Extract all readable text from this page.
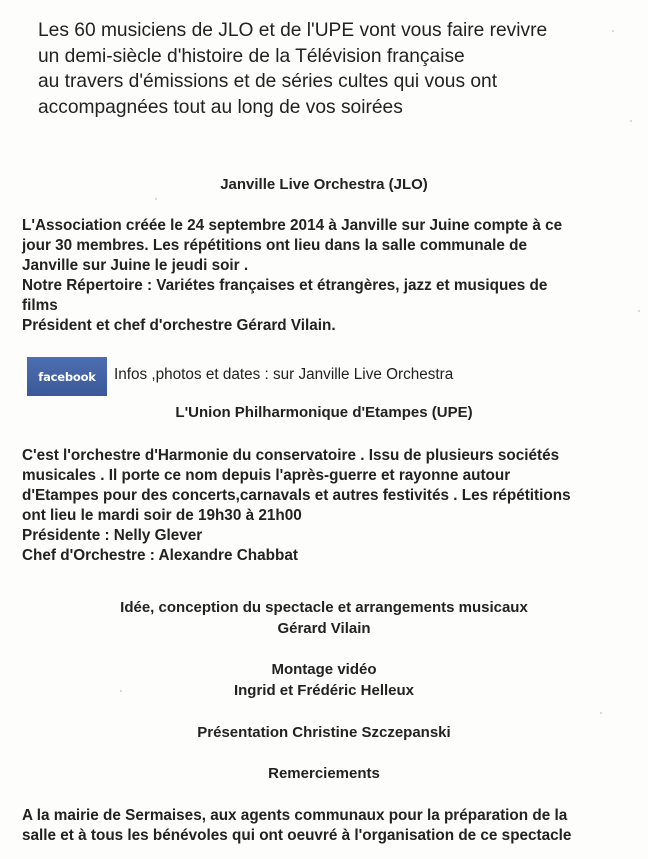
Les 60 musiciens de JLO et de l'UPE vont vous faire revivre
un demi-siècle d'histoire de la Télévision française
au travers d'émissions et de séries cultes qui vous ont
accompagnées tout au long de vos soirées
Janville Live Orchestra (JLO)
L'Association créée le 24 septembre 2014 à Janville sur Juine compte à ce
jour 30 membres. Les répétitions ont lieu dans la salle communale de
Janville sur Juine le jeudi soir .
Notre Répertoire : Variétes françaises et étrangères, jazz et musiques de
films
Président et chef d'orchestre Gérard Vilain.
facebook Infos ,photos et dates : sur Janville Live Orchestra
L'Union Philharmonique d'Etampes (UPE)
C'est l'orchestre d'Harmonie du conservatoire . Issu de plusieurs sociétés
musicales . Il porte ce nom depuis l'après-guerre et rayonne autour
d'Etampes pour des concerts,carnavals et autres festivités . Les répétitions
ont lieu le mardi soir de 19h30 à 21h00
Présidente : Nelly Glever
Chef d'Orchestre : Alexandre Chabbat
Idée, conception du spectacle et arrangements musicaux
Gérard Vilain
Montage vidéo
Ingrid et Frédéric Helleux
Présentation Christine Szczepanski
Remerciements
A la mairie de Sermaises, aux agents communaux pour la préparation de la
salle et à tous les bénévoles qui ont oeuvré à l'organisation de ce spectacle
